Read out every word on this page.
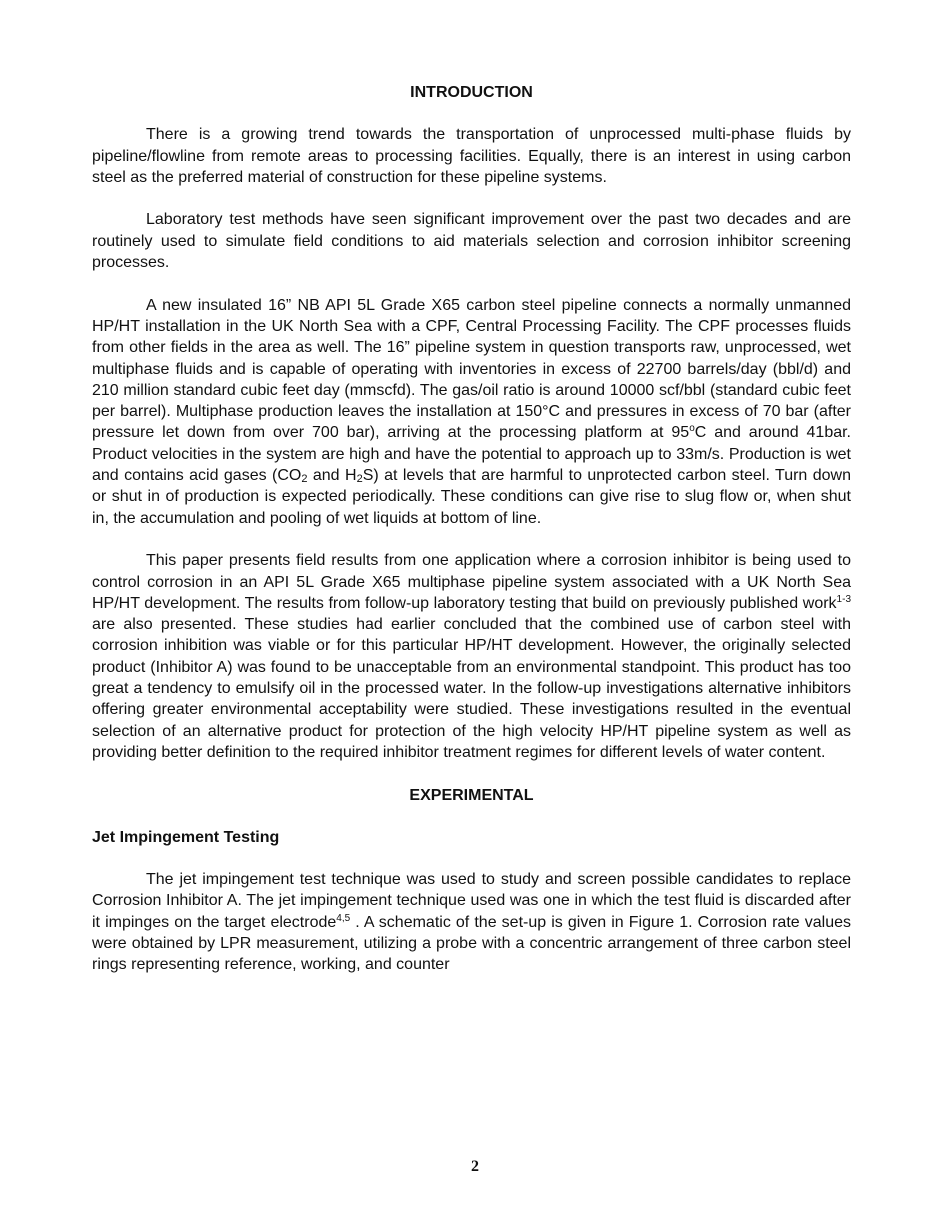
INTRODUCTION

There is a growing trend towards the transportation of unprocessed multi-phase fluids by pipeline/flowline from remote areas to processing facilities. Equally, there is an interest in using carbon steel as the preferred material of construction for these pipeline systems.

Laboratory test methods have seen significant improvement over the past two decades and are routinely used to simulate field conditions to aid materials selection and corrosion inhibitor screening processes.

A new insulated 16” NB API 5L Grade X65 carbon steel pipeline connects a normally unmanned HP/HT installation in the UK North Sea with a CPF, Central Processing Facility. The CPF processes fluids from other fields in the area as well. The 16” pipeline system in question transports raw, unprocessed, wet multiphase fluids and is capable of operating with inventories in excess of 22700 barrels/day (bbl/d) and 210 million standard cubic feet day (mmscfd). The gas/oil ratio is around 10000 scf/bbl (standard cubic feet per barrel). Multiphase production leaves the installation at 150°C and pressures in excess of 70 bar (after pressure let down from over 700 bar), arriving at the processing platform at 95$^o$C and around 41bar. Product velocities in the system are high and have the potential to approach up to 33m/s. Production is wet and contains acid gases ($CO_2$ and $H_2S$) at levels that are harmful to unprotected carbon steel. Turn down or shut in of production is expected periodically. These conditions can give rise to slug flow or, when shut in, the accumulation and pooling of wet liquids at bottom of line.

This paper presents field results from one application where a corrosion inhibitor is being used to control corrosion in an API 5L Grade X65 multiphase pipeline system associated with a UK North Sea HP/HT development. The results from follow-up laboratory testing that build on previously published work$^{1-3}$ are also presented. These studies had earlier concluded that the combined use of carbon steel with corrosion inhibition was viable or for this particular HP/HT development. However, the originally selected product (Inhibitor A) was found to be unacceptable from an environmental standpoint. This product has too great a tendency to emulsify oil in the processed water. In the follow-up investigations alternative inhibitors offering greater environmental acceptability were studied. These investigations resulted in the eventual selection of an alternative product for protection of the high velocity HP/HT pipeline system as well as providing better definition to the required inhibitor treatment regimes for different levels of water content.

EXPERIMENTAL
Jet Impingement Testing

The jet impingement test technique was used to study and screen possible candidates to replace Corrosion Inhibitor A. The jet impingement technique used was one in which the test fluid is discarded after it impinges on the target electrode$^{4,5}$ . A schematic of the set-up is given in Figure 1. Corrosion rate values were obtained by LPR measurement, utilizing a probe with a concentric arrangement of three carbon steel rings representing reference, working, and counter

2
